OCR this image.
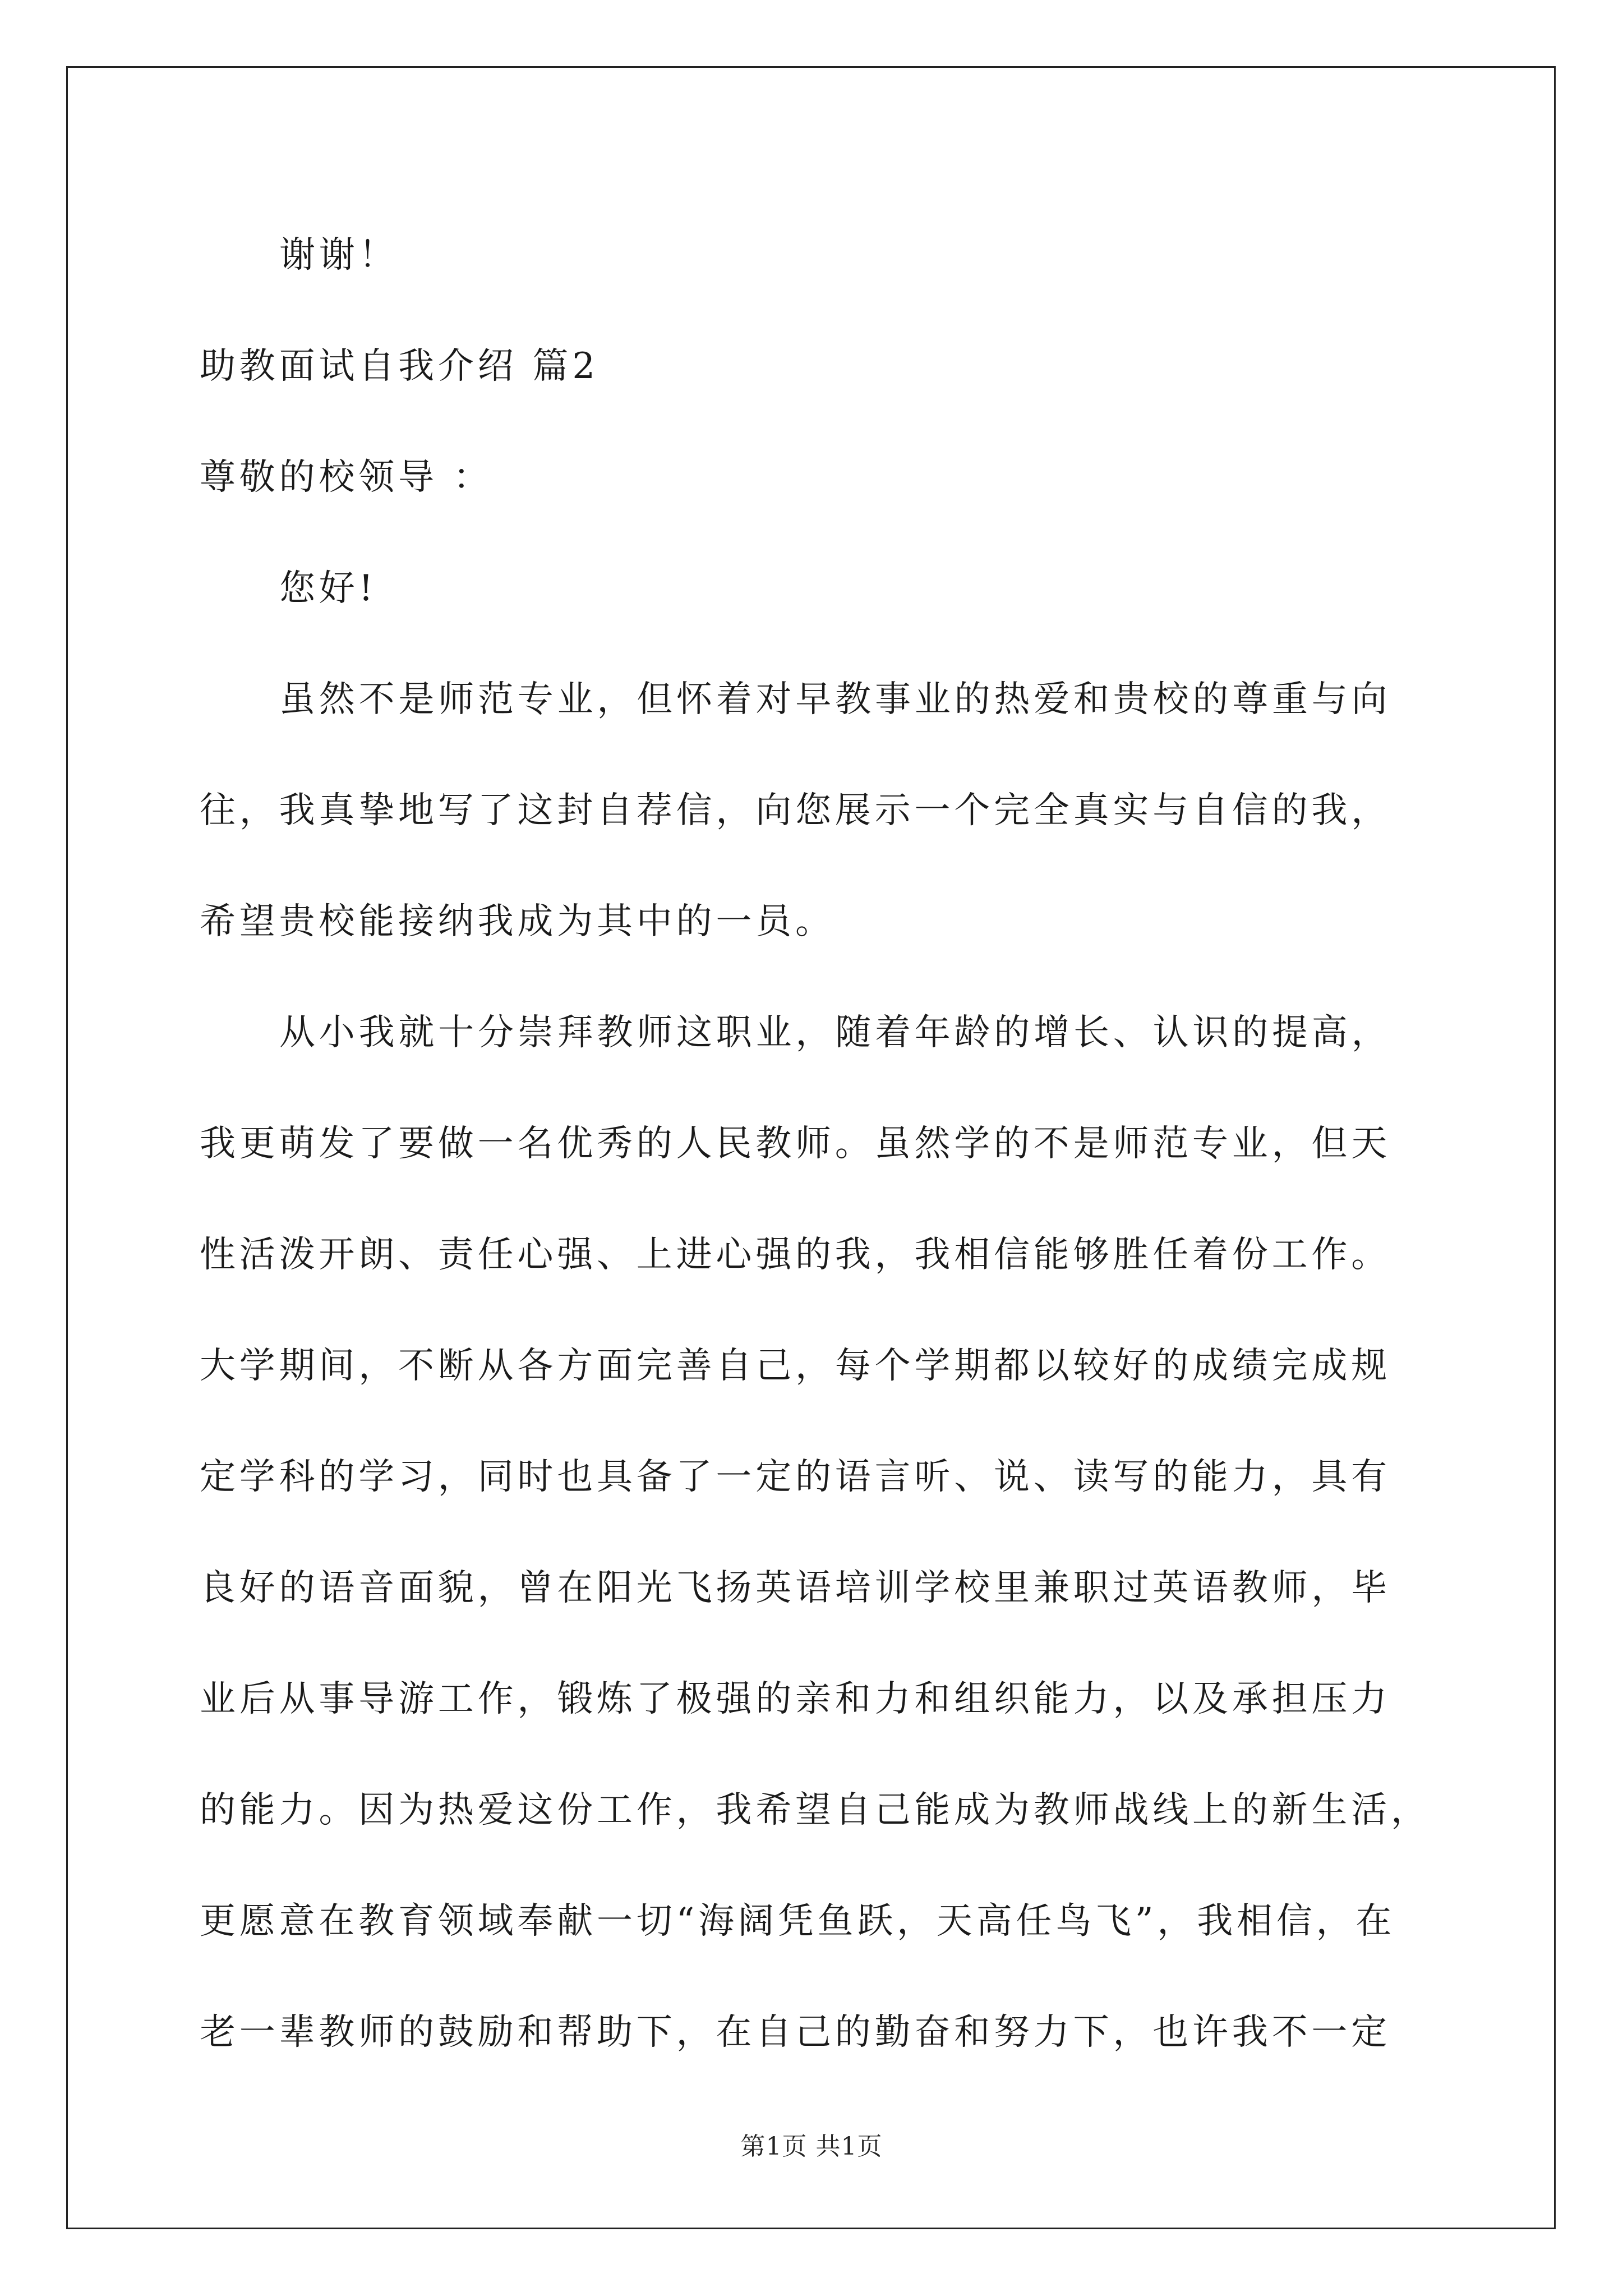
谢谢！
助教面试自我介绍 篇2
尊敬的校领导 ：
您好!
虽然不是师范专业，但怀着对早教事业的热爱和贵校的尊重与向
往，我真挚地写了这封自荐信，向您展示一个完全真实与自信的我，
希望贵校能接纳我成为其中的一员。
从小我就十分崇拜教师这职业，随着年龄的增长、认识的提高，
我更萌发了要做一名优秀的人民教师。虽然学的不是师范专业，但天
性活泼开朗、责任心强、上进心强的我，我相信能够胜任着份工作。
大学期间，不断从各方面完善自己，每个学期都以较好的成绩完成规
定学科的学习，同时也具备了一定的语言听、说、读写的能力，具有
良好的语音面貌，曾在阳光飞扬英语培训学校里兼职过英语教师，毕
业后从事导游工作，锻炼了极强的亲和力和组织能力，以及承担压力
的能力。因为热爱这份工作，我希望自己能成为教师战线上的新生活，
更愿意在教育领域奉献一切“海阔凭鱼跃，天高任鸟飞”，我相信，在
老一辈教师的鼓励和帮助下，在自己的勤奋和努力下，也许我不一定
第1页 共1页
